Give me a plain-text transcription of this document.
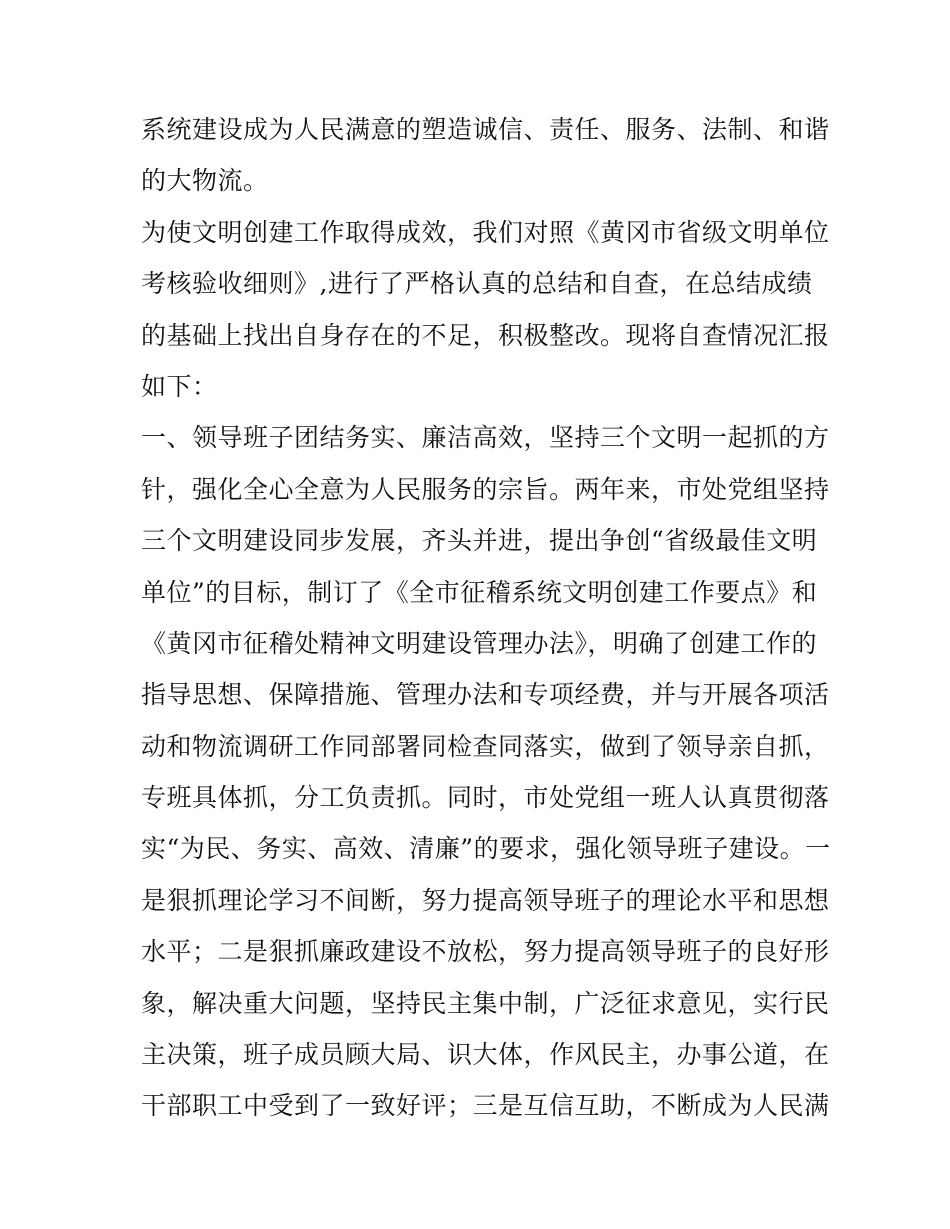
系统建设成为人民满意的塑造诚信、责任、服务、法制、和谐
的大物流。
为使文明创建工作取得成效，我们对照《黄冈市省级文明单位
考核验收细则》,进行了严格认真的总结和自查，在总结成绩
的基础上找出自身存在的不足，积极整改。现将自查情况汇报
如下：
一、领导班子团结务实、廉洁高效，坚持三个文明一起抓的方
针，强化全心全意为人民服务的宗旨。两年来，市处党组坚持
三个文明建设同步发展，齐头并进，提出争创“省级最佳文明
单位”的目标，制订了《全市征稽系统文明创建工作要点》和
《黄冈市征稽处精神文明建设管理办法》，明确了创建工作的
指导思想、保障措施、管理办法和专项经费，并与开展各项活
动和物流调研工作同部署同检查同落实，做到了领导亲自抓，
专班具体抓，分工负责抓。同时，市处党组一班人认真贯彻落
实“为民、务实、高效、清廉”的要求，强化领导班子建设。一
是狠抓理论学习不间断，努力提高领导班子的理论水平和思想
水平；二是狠抓廉政建设不放松，努力提高领导班子的良好形
象，解决重大问题，坚持民主集中制，广泛征求意见，实行民
主决策，班子成员顾大局、识大体，作风民主，办事公道，在
干部职工中受到了一致好评；三是互信互助，不断成为人民满
